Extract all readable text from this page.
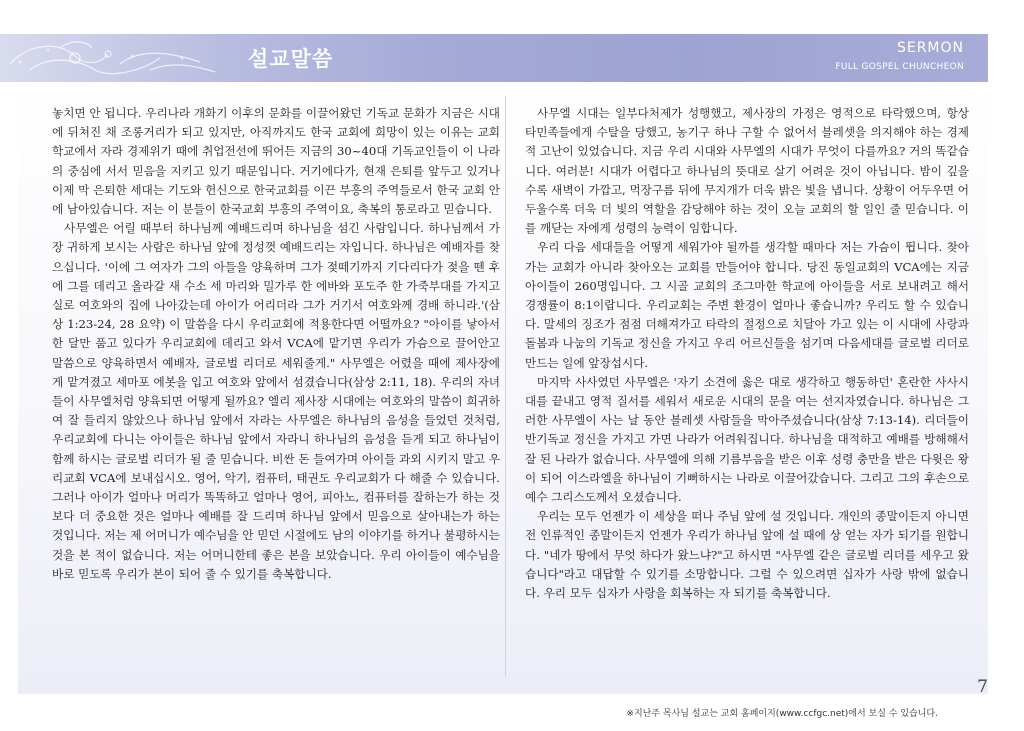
설교말씀	SERMON
FULL GOSPEL CHUNCHEON

놓치면 안 됩니다. 우리나라 개화기 이후의 문화를 이끌어왔던 기독교 문화가 지금은 시대에 뒤쳐진 채 조롱거리가 되고 있지만, 아직까지도 한국 교회에 희망이 있는 이유는 교회학교에서 자라 경제위기 때에 취업전선에 뛰어든 지금의 30~40대 기독교인들이 이 나라의 중심에 서서 믿음을 지키고 있기 때문입니다. 거기에다가, 현재 은퇴를 앞두고 있거나 이제 막 은퇴한 세대는 기도와 헌신으로 한국교회를 이끈 부흥의 주역들로서 한국 교회 안에 남아있습니다. 저는 이 분들이 한국교회 부흥의 주역이요, 축복의 통로라고 믿습니다.

사무엘은 어릴 때부터 하나님께 예배드리며 하나님을 섬긴 사람입니다. 하나님께서 가장 귀하게 보시는 사람은 하나님 앞에 정성껏 예배드리는 자입니다. 하나님은 예배자를 찾으십니다. '이에 그 여자가 그의 아들을 양육하며 그가 젖떼기까지 기다리다가 젖을 뗀 후에 그를 데리고 올라갈 새 수소 세 마리와 밀가루 한 에바와 포도주 한 가죽부대를 가지고 실로 여호와의 집에 나아갔는데 아이가 어리더라 그가 거기서 여호와께 경배 하니라.'(삼상 1:23-24, 28 요약) 이 말씀을 다시 우리교회에 적용한다면 어떨까요? "아이를 낳아서 한 달만 품고 있다가 우리교회에 데리고 와서 VCA에 맡기면 우리가 가슴으로 끌어안고 말씀으로 양육하면서 예배자, 글로벌 리더로 세워줄게." 사무엘은 어렸을 때에 제사장에게 맡겨졌고 세마포 에봇을 입고 여호와 앞에서 섬겼습니다(삼상 2:11, 18). 우리의 자녀들이 사무엘처럼 양육되면 어떻게 될까요? 엘리 제사장 시대에는 여호와의 말씀이 희귀하여 잘 들리지 않았으나 하나님 앞에서 자라는 사무엘은 하나님의 음성을 들었던 것처럼, 우리교회에 다니는 아이들은 하나님 앞에서 자라니 하나님의 음성을 듣게 되고 하나님이 함께 하시는 글로벌 리더가 될 줄 믿습니다. 비싼 돈 들여가며 아이들 과외 시키지 말고 우리교회 VCA에 보내십시오. 영어, 악기, 컴퓨터, 태권도 우리교회가 다 해줄 수 있습니다. 그러나 아이가 얼마나 머리가 똑똑하고 얼마나 영어, 피아노, 컴퓨터를 잘하는가 하는 것보다 더 중요한 것은 얼마나 예배를 잘 드리며 하나님 앞에서 믿음으로 살아내는가 하는 것입니다. 저는 제 어머니가 예수님을 안 믿던 시절에도 남의 이야기를 하거나 불평하시는 것을 본 적이 없습니다. 저는 어머니한테 좋은 본을 보았습니다. 우리 아이들이 예수님을 바로 믿도록 우리가 본이 되어 줄 수 있기를 축복합니다.

사무엘 시대는 일부다처제가 성행했고, 제사장의 가정은 영적으로 타락했으며, 항상 타민족들에게 수탈을 당했고, 농기구 하나 구할 수 없어서 블레셋을 의지해야 하는 경제적 고난이 있었습니다. 지금 우리 시대와 사무엘의 시대가 무엇이 다를까요? 거의 똑같습니다. 여러분! 시대가 어렵다고 하나님의 뜻대로 살기 어려운 것이 아닙니다. 밤이 깊을수록 새벽이 가깝고, 먹장구름 뒤에 무지개가 더욱 밝은 빛을 냅니다. 상황이 어두우면 어두울수록 더욱 더 빛의 역할을 감당해야 하는 것이 오늘 교회의 할 일인 줄 믿습니다. 이를 깨닫는 자에게 성령의 능력이 임합니다.

우리 다음 세대들을 어떻게 세워가야 될까를 생각할 때마다 저는 가슴이 뜁니다. 찾아가는 교회가 아니라 찾아오는 교회를 만들어야 합니다. 당진 동일교회의 VCA에는 지금 아이들이 260명입니다. 그 시골 교회의 조그마한 학교에 아이들을 서로 보내려고 해서 경쟁률이 8:1이랍니다. 우리교회는 주변 환경이 얼마나 좋습니까? 우리도 할 수 있습니다. 말세의 징조가 점점 더해져가고 타락의 절정으로 치달아 가고 있는 이 시대에 사랑과 돌봄과 나눔의 기독교 정신을 가지고 우리 어르신들을 섬기며 다음세대를 글로벌 리더로 만드는 일에 앞장섭시다.

마지막 사사였던 사무엘은 '자기 소견에 옳은 대로 생각하고 행동하던' 혼란한 사사시대를 끝내고 영적 질서를 세워서 새로운 시대의 문을 여는 선지자였습니다. 하나님은 그러한 사무엘이 사는 날 동안 블레셋 사람들을 막아주셨습니다(삼상 7:13-14). 리더들이 반기독교 정신을 가지고 가면 나라가 어려워집니다. 하나님을 대적하고 예배를 방해해서 잘 된 나라가 없습니다. 사무엘에 의해 기름부음을 받은 이후 성령 충만을 받은 다윗은 왕이 되어 이스라엘을 하나님이 기뻐하시는 나라로 이끌어갔습니다. 그리고 그의 후손으로 예수 그리스도께서 오셨습니다.

우리는 모두 언젠가 이 세상을 떠나 주님 앞에 설 것입니다. 개인의 종말이든지 아니면 전 인류적인 종말이든지 언젠가 우리가 하나님 앞에 설 때에 상 얻는 자가 되기를 원합니다. "네가 땅에서 무엇 하다가 왔느냐?"고 하시면 "사무엘 같은 글로벌 리더를 세우고 왔습니다"라고 대답할 수 있기를 소망합니다. 그럴 수 있으려면 십자가 사랑 밖에 없습니다. 우리 모두 십자가 사랑을 회복하는 자 되기를 축복합니다.

7
※지난주 목사님 설교는 교회 홈페이지(www.ccfgc.net)에서 보실 수 있습니다.
